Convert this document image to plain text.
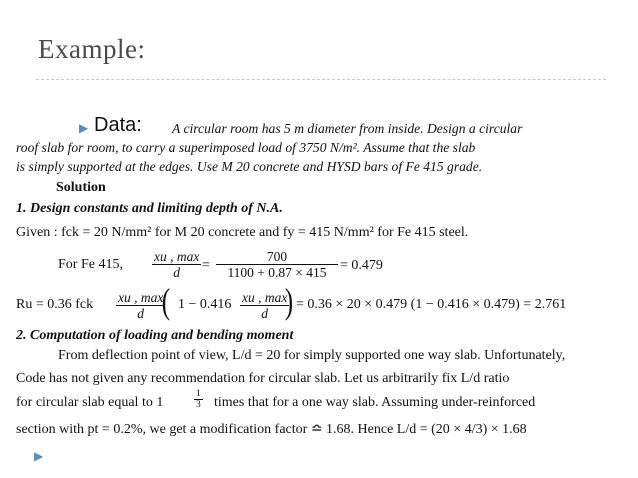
Example:
▶ Data: A circular room has 5 m diameter from inside. Design a circular
roof slab for room, to carry a superimposed load of 3750 N/m². Assume that the slab
is simply supported at the edges. Use M 20 concrete and HYSD bars of Fe 415 grade.
Solution
1. Design constants and limiting depth of N.A.
Given : fck = 20 N/mm² for M 20 concrete and fy = 415 N/mm² for Fe 415 steel.
For Fe 415,
xu , max
d	= $\frac{700}{1100 + 0.87 \times 415} = 0.479$
Ru = 0.36 fck xu , max
d ( 1 − 0.416 xu , max
d ) = 0.36 × 20 × 0.479 (1 − 0.416 × 0.479) = 2.761
2. Computation of loading and bending moment
From deflection point of view, L/d = 20 for simply supported one way slab. Unfortunately,
Code has not given any recommendation for circular slab. Let us arbitrarily fix L/d ratio
for circular slab equal to 1	$\frac{1}{3}$ times that for a one way slab. Assuming under-reinforced
section with pt = 0.2%, we get a modification factor ≏ 1.68. Hence L/d = (20 × 4/3) × 1.68
▶
